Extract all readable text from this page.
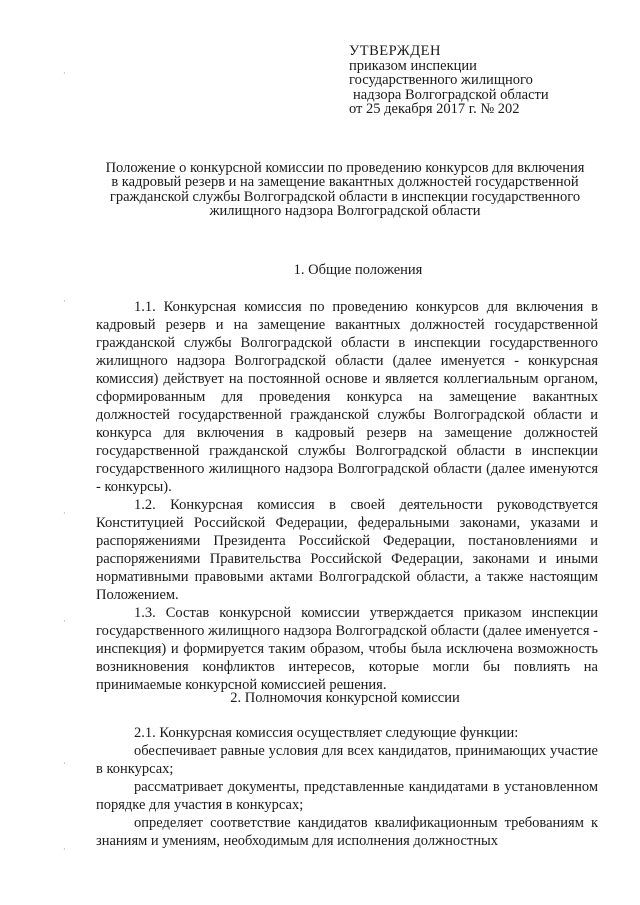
УТВЕРЖДЕН
приказом инспекции
государственного жилищного
надзора Волгоградской области
от 25 декабря 2017 г. № 202
Положение о конкурсной комиссии по проведению конкурсов для включения
в кадровый резерв и на замещение вакантных должностей государственной
гражданской службы Волгоградской области в инспекции государственного
жилищного надзора Волгоградской области
1. Общие положения

1.1. Конкурсная комиссия по проведению конкурсов для включения в кадровый резерв и на замещение вакантных должностей государственной гражданской службы Волгоградской области в инспекции государственного жилищного надзора Волгоградской области (далее именуется - конкурсная комиссия) действует на постоянной основе и является коллегиальным органом, сформированным для проведения конкурса на замещение вакантных должностей государственной гражданской службы Волгоградской области и конкурса для включения в кадровый резерв на замещение должностей государственной гражданской службы Волгоградской области в инспекции государственного жилищного надзора Волгоградской области (далее именуются - конкурсы).

1.2. Конкурсная комиссия в своей деятельности руководствуется Конституцией Российской Федерации, федеральными законами, указами и распоряжениями Президента Российской Федерации, постановлениями и распоряжениями Правительства Российской Федерации, законами и иными нормативными правовыми актами Волгоградской области, а также настоящим Положением.

1.3. Состав конкурсной комиссии утверждается приказом инспекции государственного жилищного надзора Волгоградской области (далее именуется - инспекция) и формируется таким образом, чтобы была исключена возможность возникновения конфликтов интересов, которые могли бы повлиять на принимаемые конкурсной комиссией решения.

2. Полномочия конкурсной комиссии

2.1. Конкурсная комиссия осуществляет следующие функции:

обеспечивает равные условия для всех кандидатов, принимающих участие в конкурсах;

рассматривает документы, представленные кандидатами в установленном порядке для участия в конкурсах;

определяет соответствие кандидатов квалификационным требованиям к знаниям и умениям, необходимым для исполнения должностных

·
·
·
·
·
·
